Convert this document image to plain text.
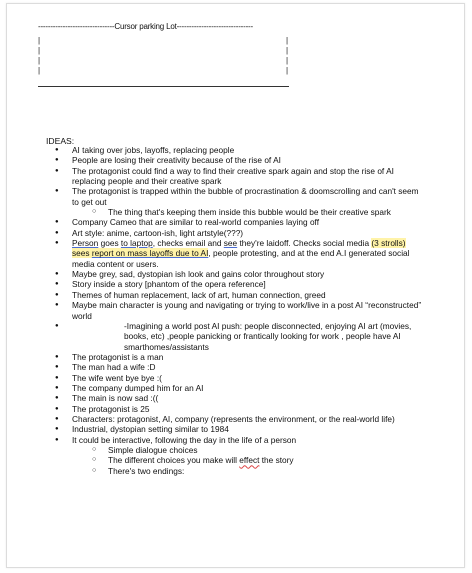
-------------------------------Cursor parking Lot-------------------------------
|
|
|
|
|
|
|
|
IDEAS:
● AI taking over jobs, layoffs, replacing people
● People are losing their creativity because of the rise of AI
● The protagonist could find a way to find their creative spark again and stop the rise of AI replacing people and their creative spark
● The protagonist is trapped within the bubble of procrastination & doomscrolling and can't seem to get out
○ The thing that's keeping them inside this bubble would be their creative spark
● Company Cameo that are similar to real-world companies laying off
● Art style: anime, cartoon-ish, light artstyle(???)
● Person goes to laptop, checks email and see they're laidoff. Checks social media (3 strolls) sees report on mass layoffs due to AI, people protesting, and at the end A.I generated social media content or users.
● Maybe grey, sad, dystopian ish look and gains color throughout story
● Story inside a story [phantom of the opera reference]
● Themes of human replacement, lack of art, human connection, greed
● Maybe main character is young and navigating or trying to work/live in a post AI “reconstructed” world
● -Imagining a world post AI push: people disconnected, enjoying AI art (movies, books, etc) ,people panicking or frantically looking for work , people have AI smarthomes/assistants
● The protagonist is a man
● The man had a wife :D
● The wife went bye bye :(
● The company dumped him for an AI
● The main is now sad :((
● The protagonist is 25
● Characters: protagonist, AI, company (represents the environment, or the real-world life)
● Industrial, dystopian setting similar to 1984
● It could be interactive, following the day in the life of a person
○ Simple dialogue choices
○ The different choices you make will effect the story
○ There's two endings:
